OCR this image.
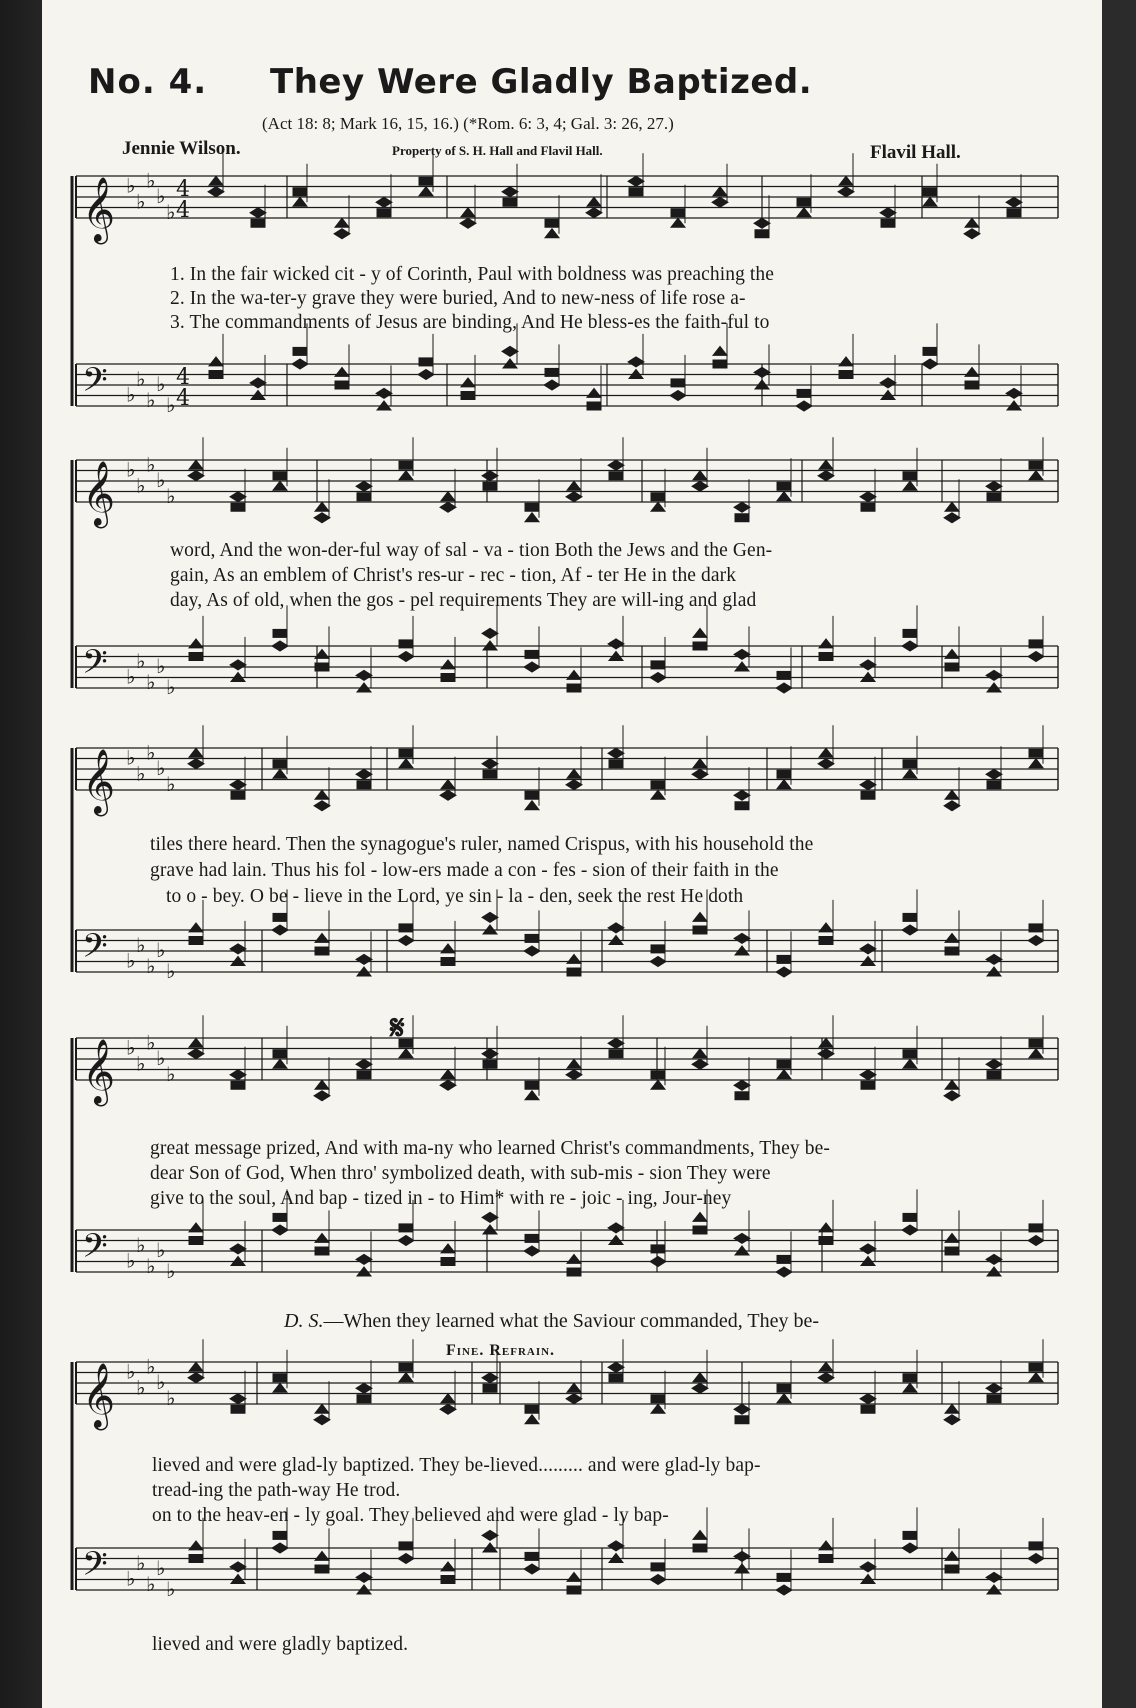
No. 4. They Were Gladly Baptized.
(Act 18: 8; Mark 16, 15, 16.) (*Rom. 6: 3, 4; Gal. 3: 26, 27.)
Jennie Wilson.	Property of S. H. Hall and Flavil Hall.	Flavil Hall.
𝄞 ♭
♭
♭
♭
♭
4
4
𝄢 ♭
♭
♭
♭
♭
4
4
𝄞 ♭
♭
♭
♭
♭
𝄢 ♭
♭
♭
♭
♭
𝄞 ♭
♭
♭
♭
♭
𝄢 ♭
♭
♭
♭
♭
𝄞 ♭
♭
♭
♭
♭
𝄢 ♭
♭
♭
♭
♭
𝄞 ♭
♭
♭
♭
♭
𝄢 ♭
♭
♭
♭
♭
1. In the fair wicked cit - y of Corinth, Paul with boldness was preaching the
2. In the wa-ter-y grave they were buried, And to new-ness of life rose a-
3. The commandments of Jesus are binding, And He bless-es the faith-ful to
word, And the won-der-ful way of sal - va - tion Both the Jews and the Gen-
gain, As an emblem of Christ's res-ur - rec - tion, Af - ter He in the dark
day, As of old, when the gos - pel requirements They are will-ing and glad
tiles there heard. Then the synagogue's ruler, named Crispus, with his household the
grave had lain. Thus his fol - low-ers made a con - fes - sion of their faith in the
to o - bey. O be - lieve in the Lord, ye sin - la - den, seek the rest He doth
𝄋
great message prized, And with ma-ny who learned Christ's commandments, They be-
dear Son of God, When thro' symbolized death, with sub-mis - sion They were
give to the soul, And bap - tized in - to Him* with re - joic - ing, Jour-ney
D. S.—When they learned what the Saviour commanded, They be-
Fine. Refrain.
lieved and were glad-ly baptized. They be-lieved......... and were glad-ly bap-
tread-ing the path-way He trod.
on to the heav-en - ly goal. They believed and were glad - ly bap-
lieved and were gladly baptized.
